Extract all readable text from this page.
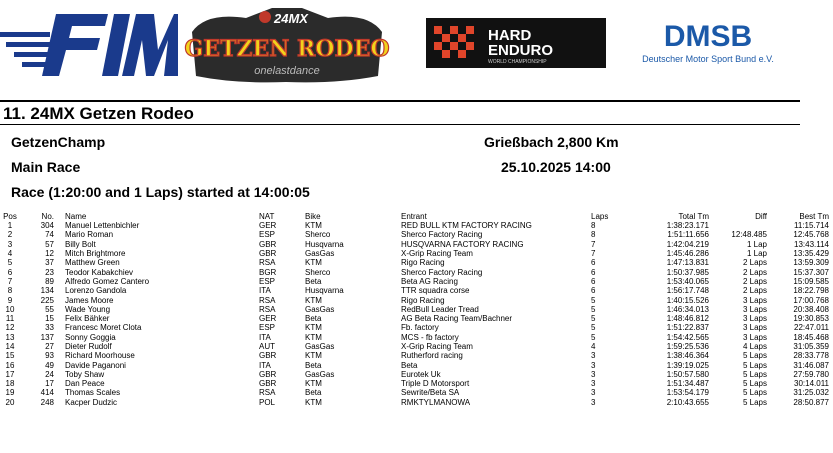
24MX
GETZEN RODEO
onelastdance
HARD
ENDURO
WORLD CHAMPIONSHIP
DMSB
Deutscher Motor Sport Bund e.V.
11. 24MX Getzen Rodeo
GetzenChamp	Grießbach 2,800 Km
Main Race	25.10.2025 14:00
Race (1:20:00 and 1 Laps) started at 14:00:05
Pos	No.	Name	NAT	Bike	Entrant	Laps	Total Tm	Diff	Best Tm
1	304	Manuel Lettenbichler	GER	KTM	RED BULL KTM FACTORY RACING	8	1:38:23.171		11:15.714
2	74	Mario Roman	ESP	Sherco	Sherco Factory Racing	8	1:51:11.656	12:48.485	12:45.768
3	57	Billy Bolt	GBR	Husqvarna	HUSQVARNA FACTORY RACING	7	1:42:04.219	1 Lap	13:43.114
4	12	Mitch Brightmore	GBR	GasGas	X-Grip Racing Team	7	1:45:46.286	1 Lap	13:35.429
5	37	Matthew Green	RSA	KTM	Rigo Racing	6	1:47:13.831	2 Laps	13:59.309
6	23	Teodor Kabakchiev	BGR	Sherco	Sherco Factory Racing	6	1:50:37.985	2 Laps	15:37.307
7	89	Alfredo Gomez Cantero	ESP	Beta	Beta AG Racing	6	1:53:40.065	2 Laps	15:09.585
8	134	Lorenzo Gandola	ITA	Husqvarna	TTR squadra corse	6	1:56:17.748	2 Laps	18:22.798
9	225	James Moore	RSA	KTM	Rigo Racing	5	1:40:15.526	3 Laps	17:00.768
10	55	Wade Young	RSA	GasGas	RedBull Leader Tread	5	1:46:34.013	3 Laps	20:38.408
11	15	Felix Bähker	GER	Beta	AG Beta Racing Team/Bachner	5	1:48:46.812	3 Laps	19:30.853
12	33	Francesc Moret Clota	ESP	KTM	Fb. factory	5	1:51:22.837	3 Laps	22:47.011
13	137	Sonny Goggia	ITA	KTM	MCS - fb factory	5	1:54:42.565	3 Laps	18:45.468
14	27	Dieter Rudolf	AUT	GasGas	X-Grip Racing Team	4	1:59:25.536	4 Laps	31:05.359
15	93	Richard Moorhouse	GBR	KTM	Rutherford racing	3	1:38:46.364	5 Laps	28:33.778
16	49	Davide Paganoni	ITA	Beta	Beta	3	1:39:19.025	5 Laps	31:46.087
17	24	Toby Shaw	GBR	GasGas	Eurotek Uk	3	1:50:57.580	5 Laps	27:59.780
18	17	Dan Peace	GBR	KTM	Triple D Motorsport	3	1:51:34.487	5 Laps	30:14.011
19	414	Thomas Scales	RSA	Beta	Sewrite/Beta SA	3	1:53:54.179	5 Laps	31:25.032
20	248	Kacper Dudzic	POL	KTM	RMKTYLMANOWA	3	2:10:43.655	5 Laps	28:50.877
